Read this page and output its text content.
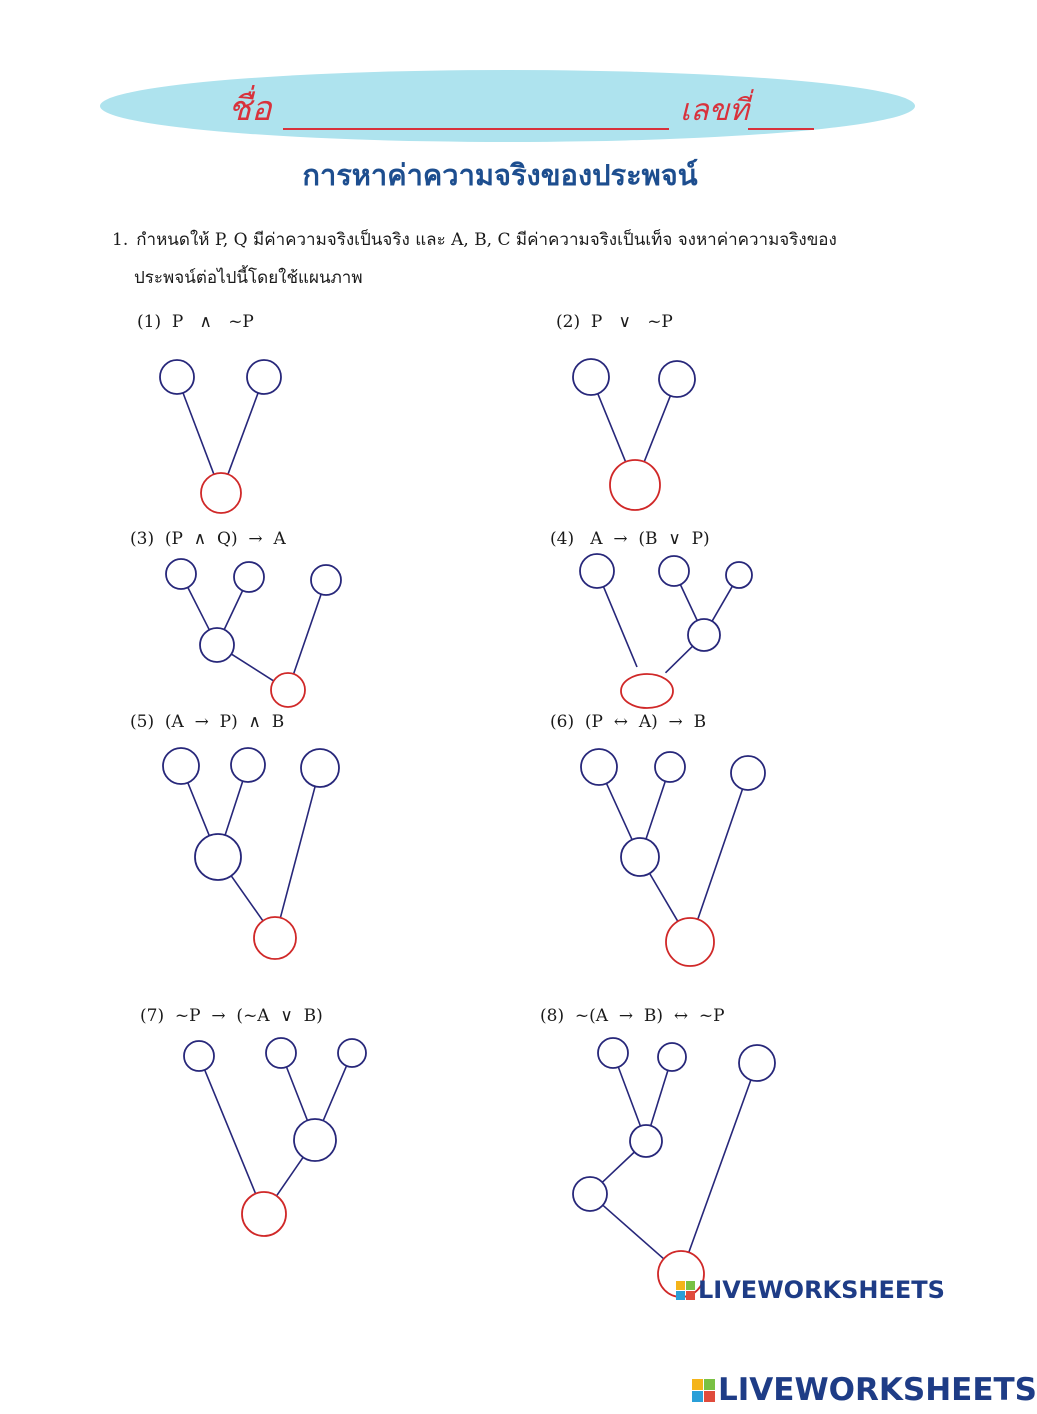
ชื่อ	เลขที่
การหาค่าความจริงของประพจน์
1. กำหนดให้ P, Q มีค่าความจริงเป็นจริง และ A, B, C มีค่าความจริงเป็นเท็จ จงหาค่าความจริงของ
ประพจน์ต่อไปนี้โดยใช้แผนภาพ
(1)  P   ∧   ~P	(2)  P   ∨   ~P
(3)  (P  ∧  Q)  →  A	(4)   A  →  (B  ∨  P)
(5)  (A  →  P)  ∧  B	(6)  (P  ↔  A)  →  B
(7)  ~P  →  (~A  ∨  B)	(8)  ~(A  →  B)  ↔  ~P
LIVEWORKSHEETS
LIVEWORKSHEETS
